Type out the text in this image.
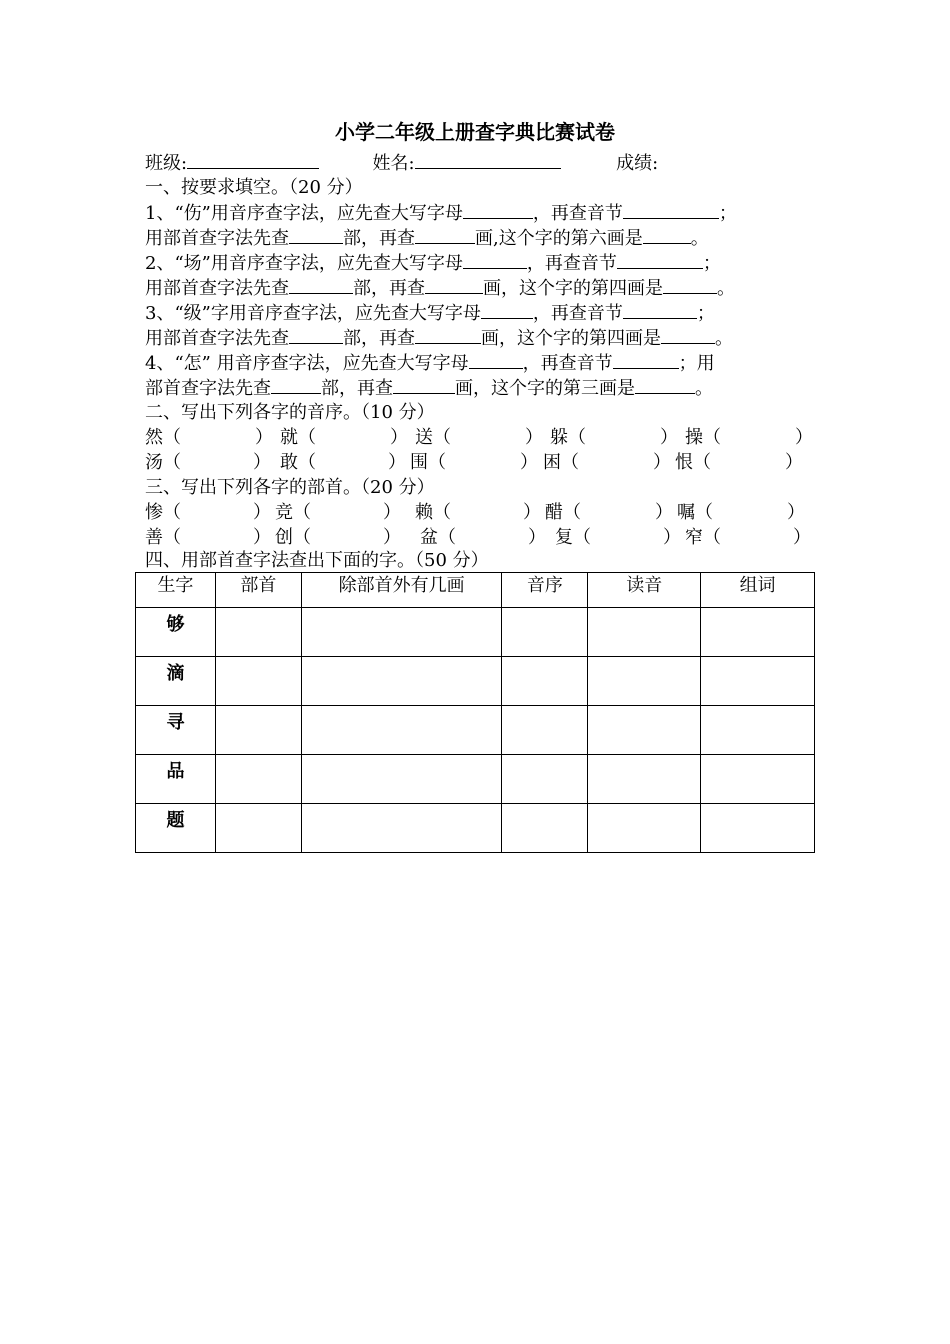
小学二年级上册查字典比赛试卷
班级:	姓名:	成绩:
一、按要求填空。（20 分）
1、“伤”用音序查字法，应先查大写字母	，再查音节	；
用部首查字法先查	部，再查	画,这个字的第六画是	。
2、“场”用音序查字法，应先查大写字母	，再查音节	；
用部首查字法先查	部，再查	画，这个字的第四画是	。
3、“级”字用音序查字法，应先查大写字母	，再查音节	；
用部首查字法先查	部，再查	画，这个字的第四画是	。
4、“怎” 用音序查字法，应先查大写字母	，再查音节	；用
部首查字法先查	部，再查	画，这个字的第三画是	。
二、写出下列各字的音序。（10 分）
然（	） 就（	） 送（	） 躲（	） 操（	）
汤（	） 敢（	） 围（	） 困（	） 恨（	）
三、写出下列各字的部首。（20 分）
惨（	） 竞（	） 赖（	） 醋（	） 嘱（	）
善（	） 创（	） 盆（	） 复（	） 窄（	）
四、用部首查字法查出下面的字。（50 分）
生字	部首	除部首外有几画	音序	读音	组词
够					
滴					
寻					
品					
题					
